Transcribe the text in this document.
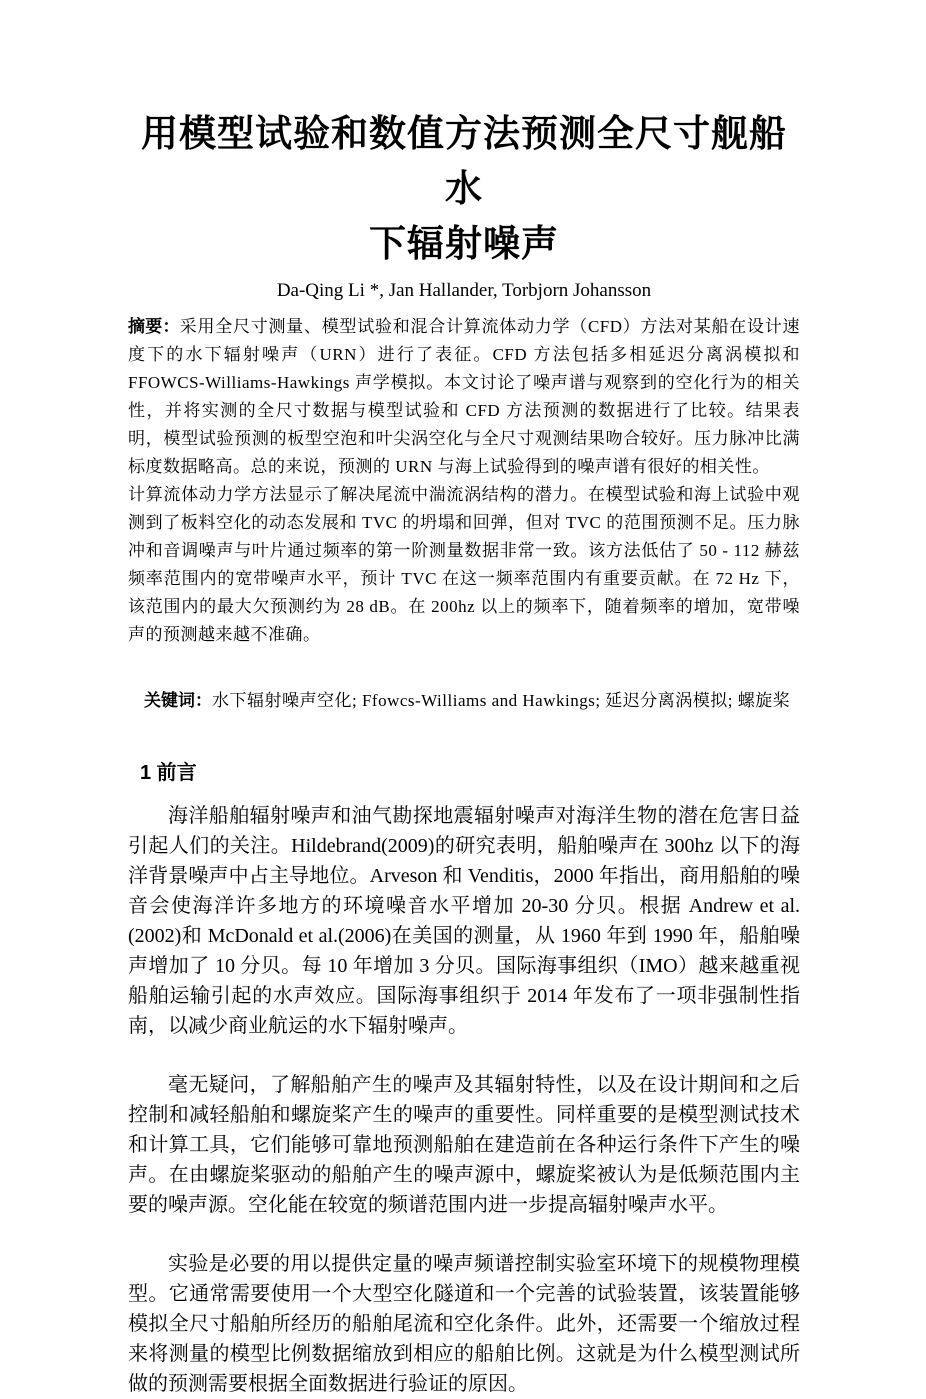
用模型试验和数值方法预测全尺寸舰船水
下辐射噪声
Da-Qing Li *, Jan Hallander, Torbjorn Johansson

摘要：采用全尺寸测量、模型试验和混合计算流体动力学（CFD）方法对某船在设计速度下的水下辐射噪声（URN）进行了表征。CFD 方法包括多相延迟分离涡模拟和 FFOWCS-Williams-Hawkings 声学模拟。本文讨论了噪声谱与观察到的空化行为的相关性，并将实测的全尺寸数据与模型试验和 CFD 方法预测的数据进行了比较。结果表明，模型试验预测的板型空泡和叶尖涡空化与全尺寸观测结果吻合较好。压力脉冲比满标度数据略高。总的来说，预测的 URN 与海上试验得到的噪声谱有很好的相关性。

计算流体动力学方法显示了解决尾流中湍流涡结构的潜力。在模型试验和海上试验中观测到了板料空化的动态发展和 TVC 的坍塌和回弹，但对 TVC 的范围预测不足。压力脉冲和音调噪声与叶片通过频率的第一阶测量数据非常一致。该方法低估了 50 - 112 赫兹频率范围内的宽带噪声水平，预计 TVC 在这一频率范围内有重要贡献。在 72 Hz 下，该范围内的最大欠预测约为 28 dB。在 200hz 以上的频率下，随着频率的增加，宽带噪声的预测越来越不准确。

关键词：水下辐射噪声空化; Ffowcs-Williams and Hawkings; 延迟分离涡模拟; 螺旋桨
1 前言

海洋船舶辐射噪声和油气勘探地震辐射噪声对海洋生物的潜在危害日益引起人们的关注。Hildebrand(2009)的研究表明，船舶噪声在 300hz 以下的海洋背景噪声中占主导地位。Arveson 和 Venditis，2000 年指出，商用船舶的噪音会使海洋许多地方的环境噪音水平增加 20-30 分贝。根据 Andrew et al.(2002)和 McDonald et al.(2006)在美国的测量，从 1960 年到 1990 年，船舶噪声增加了 10 分贝。每 10 年增加 3 分贝。国际海事组织（IMO）越来越重视船舶运输引起的水声效应。国际海事组织于 2014 年发布了一项非强制性指南，以减少商业航运的水下辐射噪声。

毫无疑问，了解船舶产生的噪声及其辐射特性，以及在设计期间和之后控制和减轻船舶和螺旋桨产生的噪声的重要性。同样重要的是模型测试技术和计算工具，它们能够可靠地预测船舶在建造前在各种运行条件下产生的噪声。在由螺旋桨驱动的船舶产生的噪声源中，螺旋桨被认为是低频范围内主要的噪声源。空化能在较宽的频谱范围内进一步提高辐射噪声水平。

实验是必要的用以提供定量的噪声频谱控制实验室环境下的规模物理模型。它通常需要使用一个大型空化隧道和一个完善的试验装置，该装置能够模拟全尺寸船舶所经历的船舶尾流和空化条件。此外，还需要一个缩放过程来将测量的模型比例数据缩放到相应的船舶比例。这就是为什么模型测试所做的预测需要根据全面数据进行验证的原因。
